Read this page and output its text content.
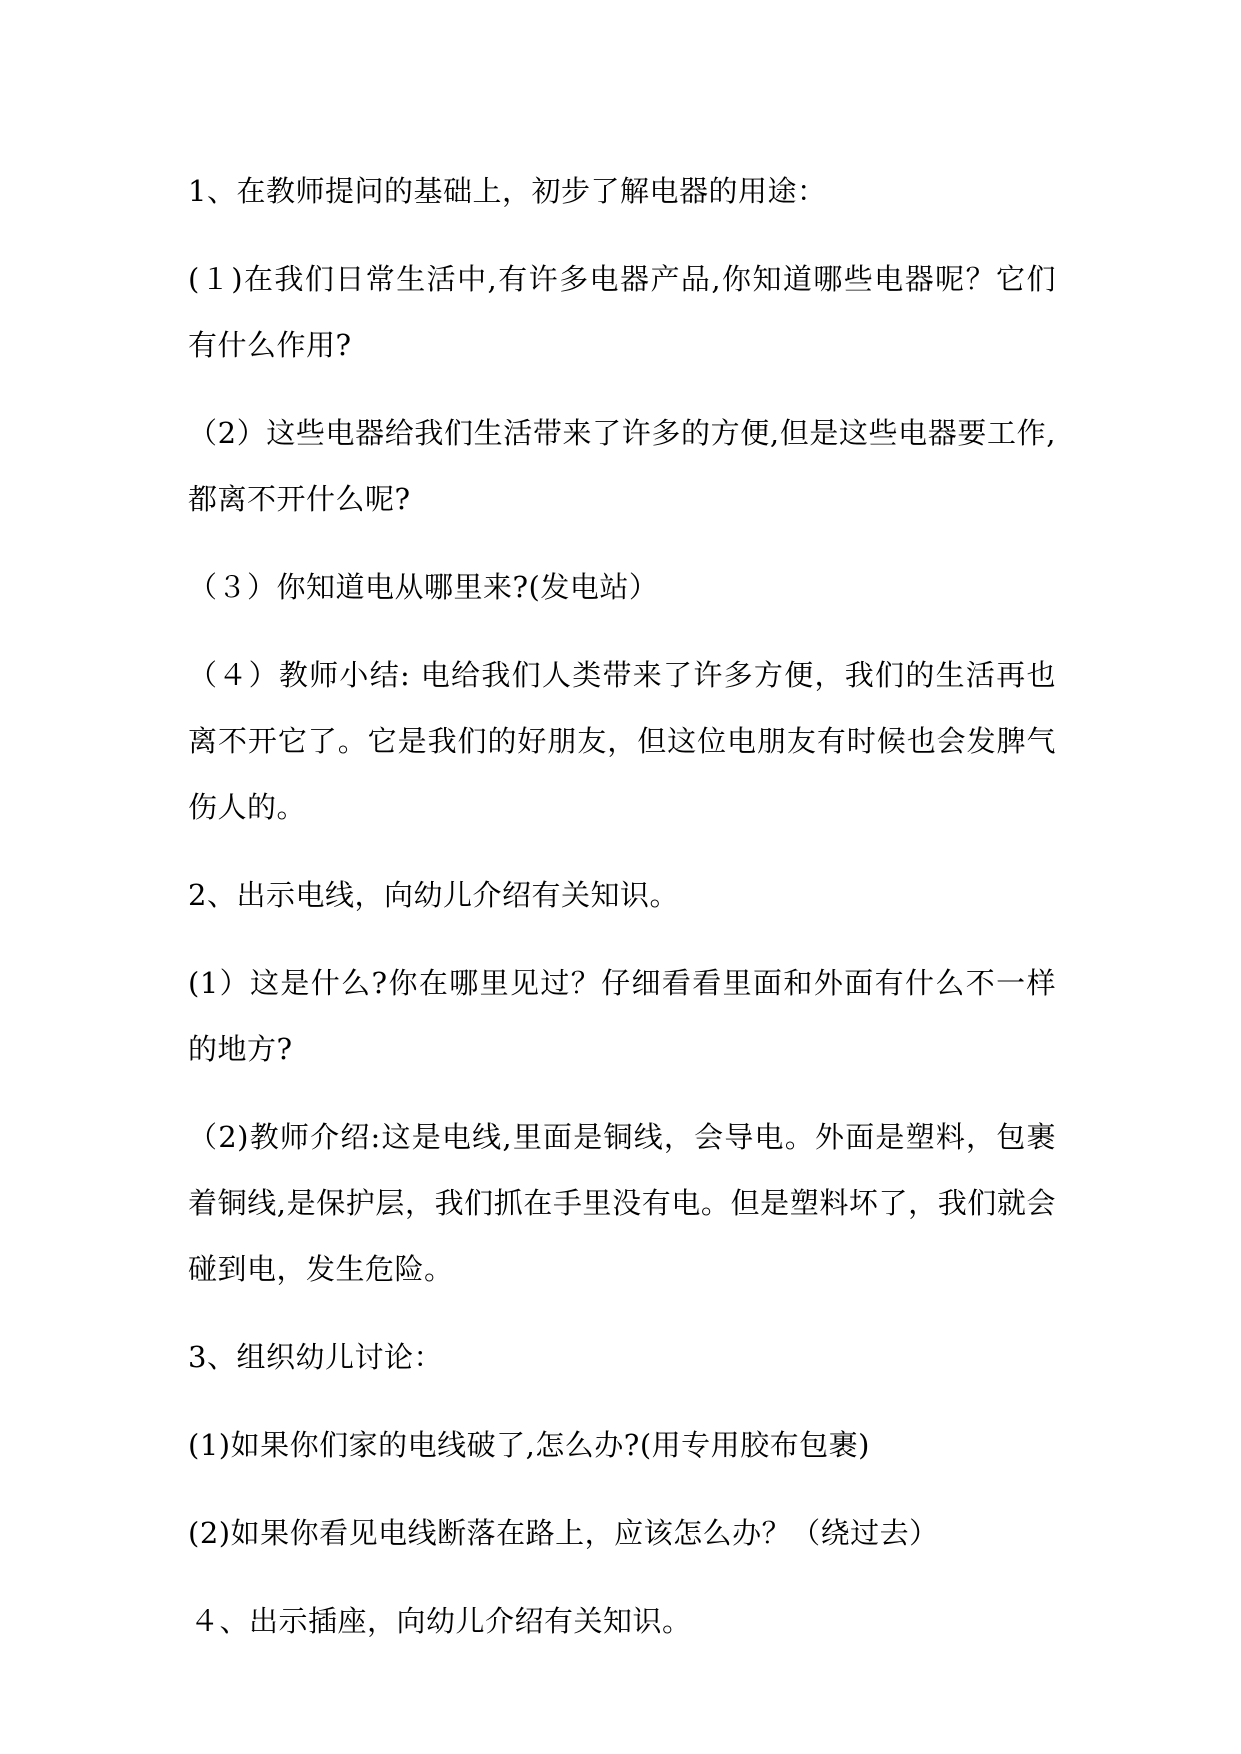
1、在教师提问的基础上，初步了解电器的用途：

(１)在我们日常生活中,有许多电器产品,你知道哪些电器呢？它们有什么作用?

（2）这些电器给我们生活带来了许多的方便,但是这些电器要工作,都离不开什么呢?

（３）你知道电从哪里来?(发电站）

（４）教师小结: 电给我们人类带来了许多方便，我们的生活再也离不开它了。它是我们的好朋友，但这位电朋友有时候也会发脾气伤人的。

2、出示电线，向幼儿介绍有关知识。

(1）这是什么?你在哪里见过？仔细看看里面和外面有什么不一样的地方?

（2)教师介绍:这是电线,里面是铜线，会导电。外面是塑料，包裹着铜线,是保护层，我们抓在手里没有电。但是塑料坏了，我们就会碰到电，发生危险。

3、组织幼儿讨论：

(1)如果你们家的电线破了,怎么办?(用专用胶布包裹)

(2)如果你看见电线断落在路上，应该怎么办？（绕过去）

４、出示插座，向幼儿介绍有关知识。
